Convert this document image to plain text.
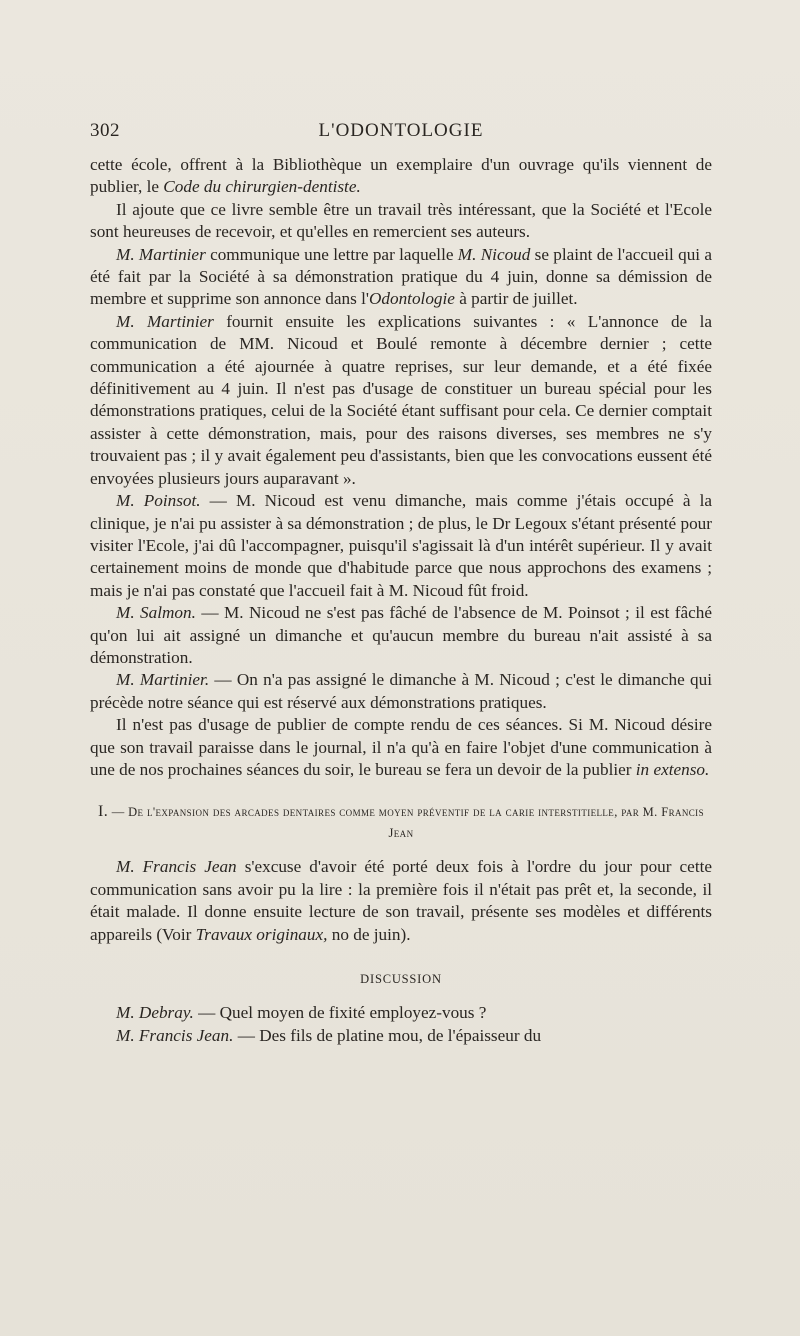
302	L'ODONTOLOGIE

cette école, offrent à la Bibliothèque un exemplaire d'un ouvrage qu'ils viennent de publier, le Code du chirurgien-dentiste.

Il ajoute que ce livre semble être un travail très intéressant, que la Société et l'Ecole sont heureuses de recevoir, et qu'elles en remercient ses auteurs.

M. Martinier communique une lettre par laquelle M. Nicoud se plaint de l'accueil qui a été fait par la Société à sa démonstration pratique du 4 juin, donne sa démission de membre et supprime son annonce dans l'Odontologie à partir de juillet.

M. Martinier fournit ensuite les explications suivantes : « L'annonce de la communication de MM. Nicoud et Boulé remonte à décembre dernier ; cette communication a été ajournée à quatre reprises, sur leur demande, et a été fixée définitivement au 4 juin. Il n'est pas d'usage de constituer un bureau spécial pour les démonstrations pratiques, celui de la Société étant suffisant pour cela. Ce dernier comptait assister à cette démonstration, mais, pour des raisons diverses, ses membres ne s'y trouvaient pas ; il y avait également peu d'assistants, bien que les convocations eussent été envoyées plusieurs jours auparavant ».

M. Poinsot. — M. Nicoud est venu dimanche, mais comme j'étais occupé à la clinique, je n'ai pu assister à sa démonstration ; de plus, le Dr Legoux s'étant présenté pour visiter l'Ecole, j'ai dû l'accompagner, puisqu'il s'agissait là d'un intérêt supérieur. Il y avait certainement moins de monde que d'habitude parce que nous approchons des examens ; mais je n'ai pas constaté que l'accueil fait à M. Nicoud fût froid.

M. Salmon. — M. Nicoud ne s'est pas fâché de l'absence de M. Poinsot ; il est fâché qu'on lui ait assigné un dimanche et qu'aucun membre du bureau n'ait assisté à sa démonstration.

M. Martinier. — On n'a pas assigné le dimanche à M. Nicoud ; c'est le dimanche qui précède notre séance qui est réservé aux démonstrations pratiques.

Il n'est pas d'usage de publier de compte rendu de ces séances. Si M. Nicoud désire que son travail paraisse dans le journal, il n'a qu'à en faire l'objet d'une communication à une de nos prochaines séances du soir, le bureau se fera un devoir de la publier in extenso.

I. — De l'expansion des arcades dentaires comme moyen préventif de la carie interstitielle, par M. Francis Jean

M. Francis Jean s'excuse d'avoir été porté deux fois à l'ordre du jour pour cette communication sans avoir pu la lire : la première fois il n'était pas prêt et, la seconde, il était malade. Il donne ensuite lecture de son travail, présente ses modèles et différents appareils (Voir Travaux originaux, no de juin).

DISCUSSION

M. Debray. — Quel moyen de fixité employez-vous ?

M. Francis Jean. — Des fils de platine mou, de l'épaisseur du
